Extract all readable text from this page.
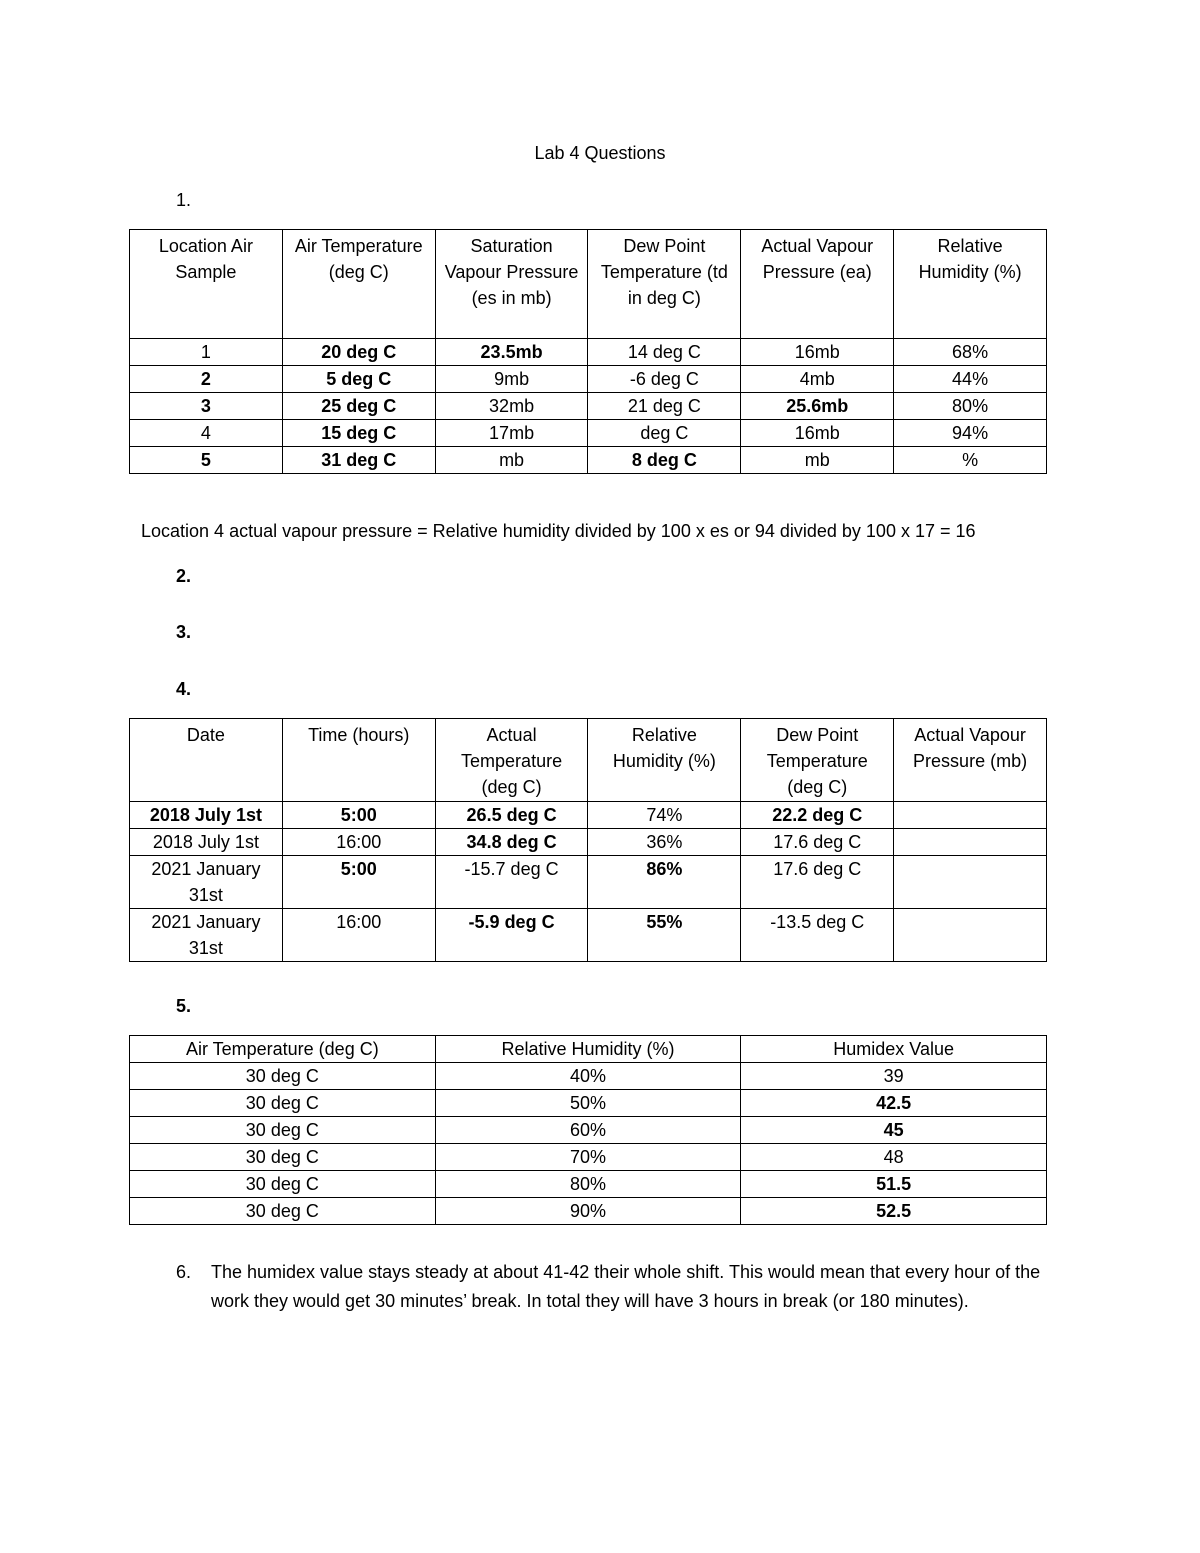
Lab 4 Questions
1.
Location Air Sample	Air Temperature (deg C)	Saturation Vapour Pressure (es in mb)	Dew Point Temperature (td in deg C)	Actual Vapour Pressure (ea)	Relative Humidity (%)
1	20 deg C	23.5mb	14 deg C	16mb	68%
2	5 deg C	9mb	-6 deg C	4mb	44%
3	25 deg C	32mb	21 deg C	25.6mb	80%
4	15 deg C	17mb	deg C	16mb	94%
5	31 deg C	mb	8 deg C	mb	%
Location 4 actual vapour pressure = Relative humidity divided by 100 x es or 94 divided by 100 x 17 = 16
2.
3.
4.
Date	Time (hours)	Actual Temperature (deg C)	Relative Humidity (%)	Dew Point Temperature (deg C)	Actual Vapour Pressure (mb)
2018 July 1st	5:00	26.5 deg C	74%	22.2 deg C	
2018 July 1st	16:00	34.8 deg C	36%	17.6 deg C	
2021 January 31st	5:00	-15.7 deg C	86%	17.6 deg C	
2021 January 31st	16:00	-5.9 deg C	55%	-13.5 deg C	
5.
Air Temperature (deg C)	Relative Humidity (%)	Humidex Value
30 deg C	40%	39
30 deg C	50%	42.5
30 deg C	60%	45
30 deg C	70%	48
30 deg C	80%	51.5
30 deg C	90%	52.5
6. The humidex value stays steady at about 41-42 their whole shift. This would mean that every hour of the work they would get 30 minutes’ break. In total they will have 3 hours in break (or 180 minutes).
